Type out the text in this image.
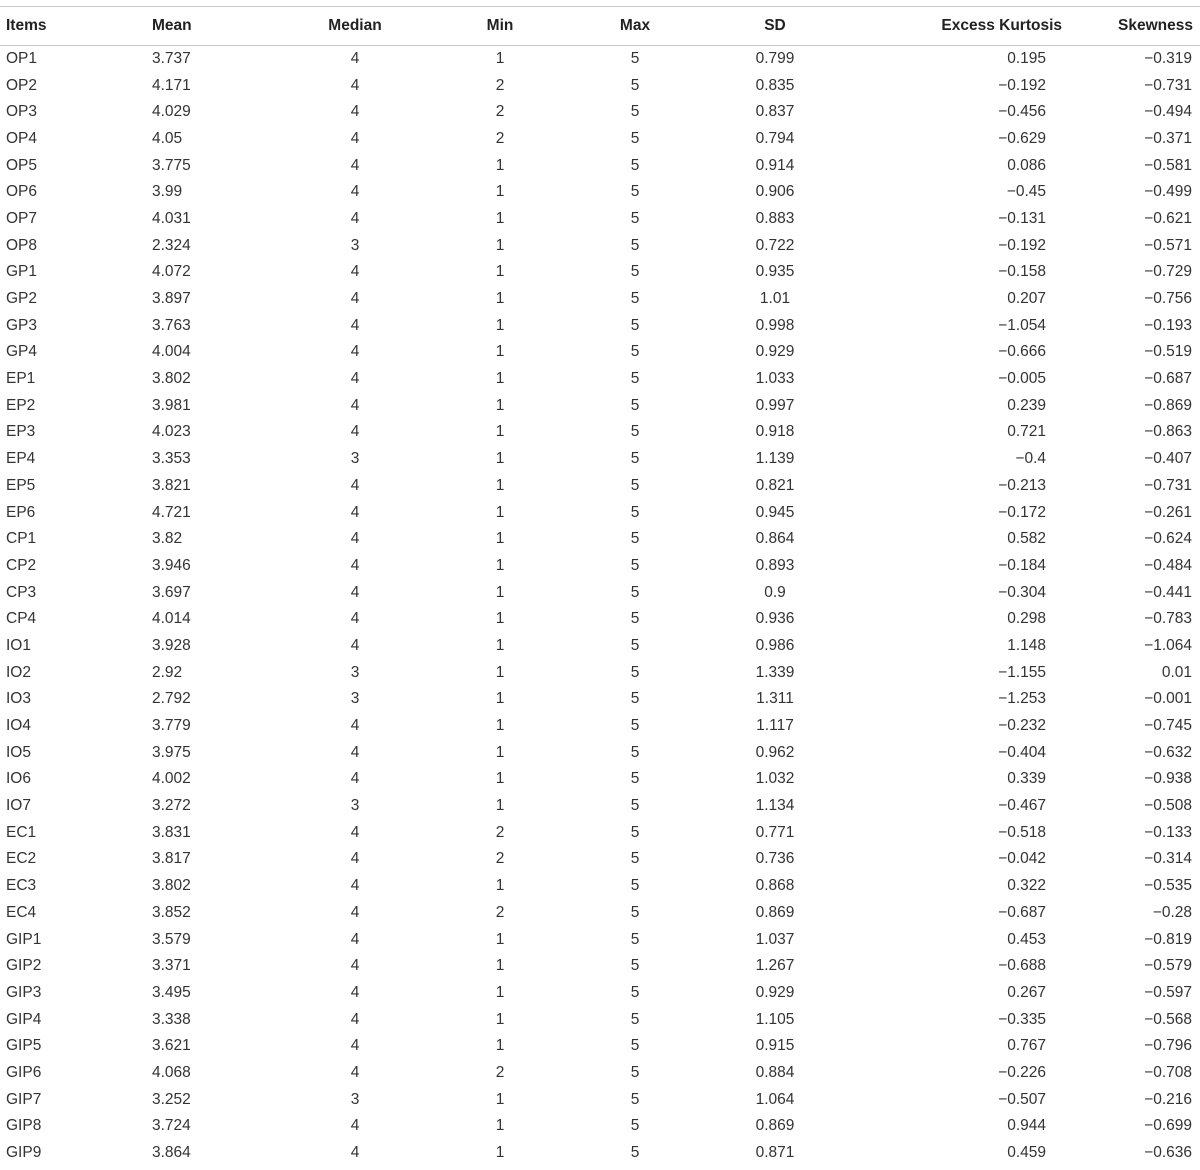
Items	Mean	Median	Min	Max	SD	Excess Kurtosis	Skewness
OP1	3.737	4	1	5	0.799	0.195	−0.319
OP2	4.171	4	2	5	0.835	−0.192	−0.731
OP3	4.029	4	2	5	0.837	−0.456	−0.494
OP4	4.05	4	2	5	0.794	−0.629	−0.371
OP5	3.775	4	1	5	0.914	0.086	−0.581
OP6	3.99	4	1	5	0.906	−0.45	−0.499
OP7	4.031	4	1	5	0.883	−0.131	−0.621
OP8	2.324	3	1	5	0.722	−0.192	−0.571
GP1	4.072	4	1	5	0.935	−0.158	−0.729
GP2	3.897	4	1	5	1.01	0.207	−0.756
GP3	3.763	4	1	5	0.998	−1.054	−0.193
GP4	4.004	4	1	5	0.929	−0.666	−0.519
EP1	3.802	4	1	5	1.033	−0.005	−0.687
EP2	3.981	4	1	5	0.997	0.239	−0.869
EP3	4.023	4	1	5	0.918	0.721	−0.863
EP4	3.353	3	1	5	1.139	−0.4	−0.407
EP5	3.821	4	1	5	0.821	−0.213	−0.731
EP6	4.721	4	1	5	0.945	−0.172	−0.261
CP1	3.82	4	1	5	0.864	0.582	−0.624
CP2	3.946	4	1	5	0.893	−0.184	−0.484
CP3	3.697	4	1	5	0.9	−0.304	−0.441
CP4	4.014	4	1	5	0.936	0.298	−0.783
IO1	3.928	4	1	5	0.986	1.148	−1.064
IO2	2.92	3	1	5	1.339	−1.155	0.01
IO3	2.792	3	1	5	1.311	−1.253	−0.001
IO4	3.779	4	1	5	1.117	−0.232	−0.745
IO5	3.975	4	1	5	0.962	−0.404	−0.632
IO6	4.002	4	1	5	1.032	0.339	−0.938
IO7	3.272	3	1	5	1.134	−0.467	−0.508
EC1	3.831	4	2	5	0.771	−0.518	−0.133
EC2	3.817	4	2	5	0.736	−0.042	−0.314
EC3	3.802	4	1	5	0.868	0.322	−0.535
EC4	3.852	4	2	5	0.869	−0.687	−0.28
GIP1	3.579	4	1	5	1.037	0.453	−0.819
GIP2	3.371	4	1	5	1.267	−0.688	−0.579
GIP3	3.495	4	1	5	0.929	0.267	−0.597
GIP4	3.338	4	1	5	1.105	−0.335	−0.568
GIP5	3.621	4	1	5	0.915	0.767	−0.796
GIP6	4.068	4	2	5	0.884	−0.226	−0.708
GIP7	3.252	3	1	5	1.064	−0.507	−0.216
GIP8	3.724	4	1	5	0.869	0.944	−0.699
GIP9	3.864	4	1	5	0.871	0.459	−0.636
